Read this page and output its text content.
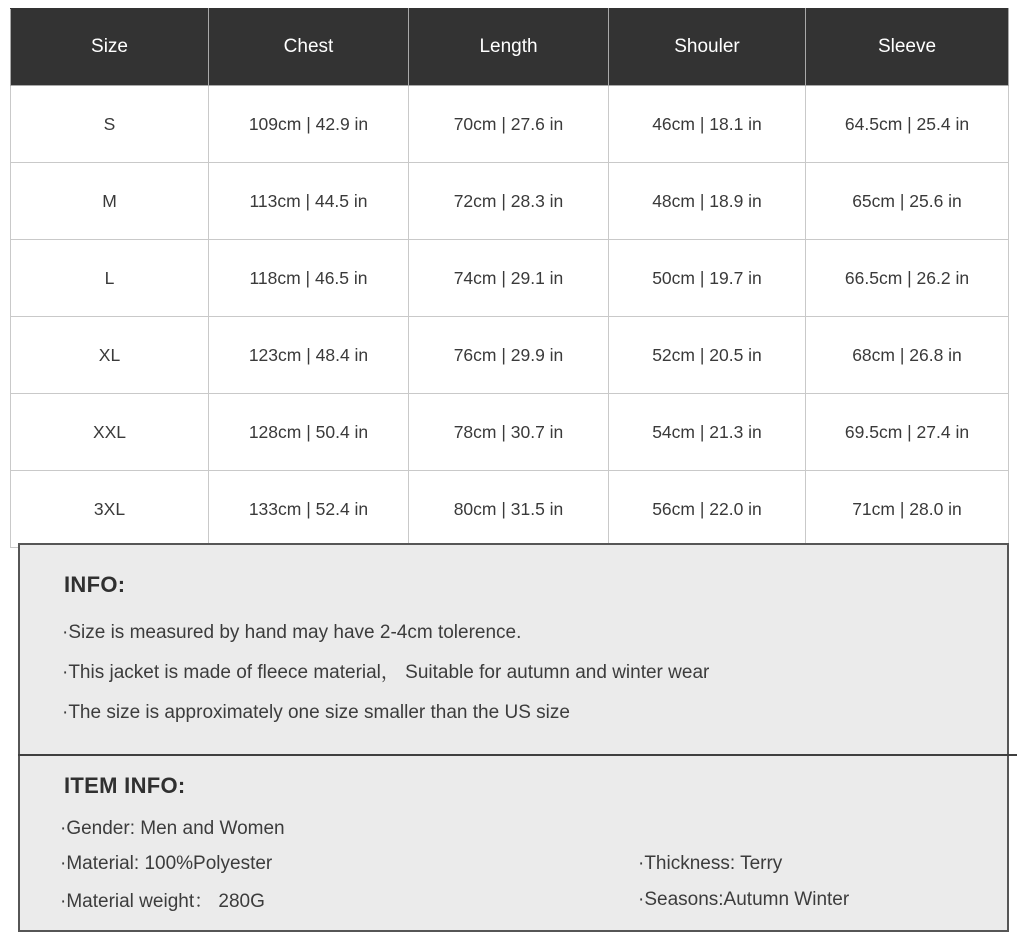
Size	Chest	Length	Shouler	Sleeve
S	109cm | 42.9 in	70cm | 27.6 in	46cm | 18.1 in	64.5cm | 25.4 in
M	113cm | 44.5 in	72cm | 28.3 in	48cm | 18.9 in	65cm | 25.6 in
L	118cm | 46.5 in	74cm | 29.1 in	50cm | 19.7 in	66.5cm | 26.2 in
XL	123cm | 48.4 in	76cm | 29.9 in	52cm | 20.5 in	68cm | 26.8 in
XXL	128cm | 50.4 in	78cm | 30.7 in	54cm | 21.3 in	69.5cm | 27.4 in
3XL	133cm | 52.4 in	80cm | 31.5 in	56cm | 22.0 in	71cm | 28.0 in
INFO:

·Size is measured by hand may have 2-4cm tolerence.

·This jacket is made of fleece material， Suitable for autumn and winter wear

·The size is approximately one size smaller than the US size

ITEM INFO:
·Gender: Men and Women
·Material: 100%Polyester	·Thickness: Terry
·Material weight： 280G	·Seasons:Autumn Winter
